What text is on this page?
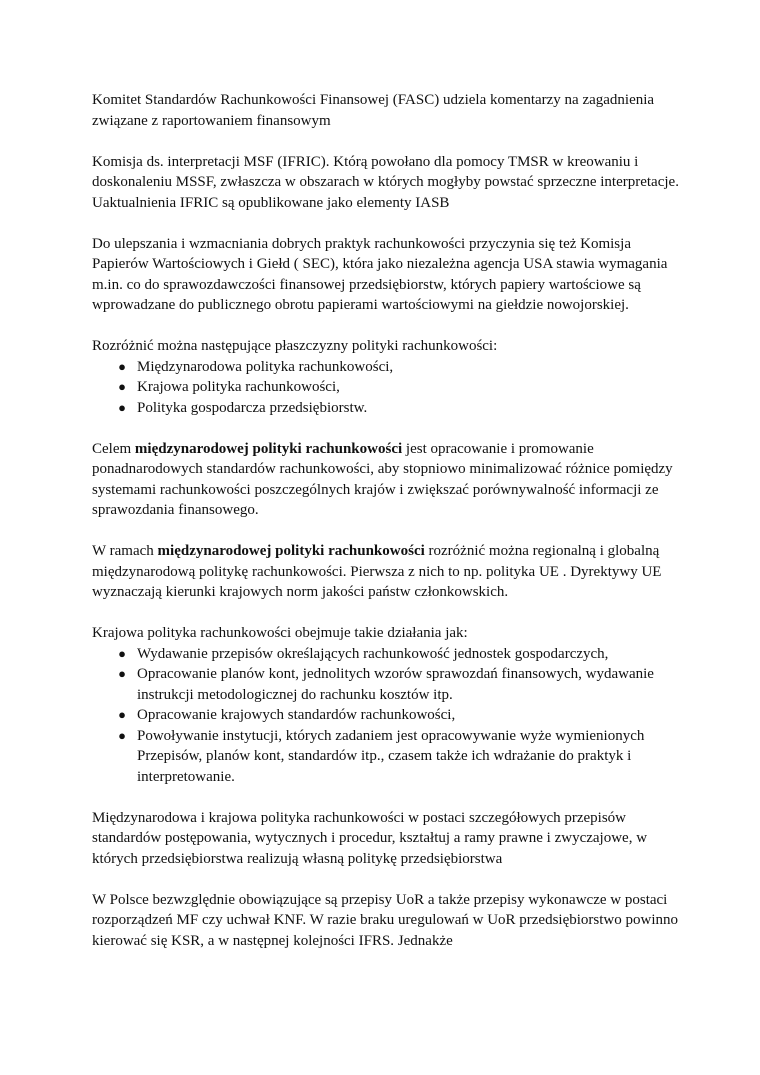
Komitet Standardów Rachunkowości Finansowej (FASC) udziela komentarzy na zagadnienia związane z raportowaniem finansowym

Komisja ds. interpretacji MSF (IFRIC). Którą powołano dla pomocy TMSR w kreowaniu i doskonaleniu MSSF, zwłaszcza w obszarach w których mogłyby powstać sprzeczne interpretacje. Uaktualnienia IFRIC są opublikowane jako elementy IASB

Do ulepszania i wzmacniania dobrych praktyk rachunkowości przyczynia się też Komisja Papierów Wartościowych i Giełd ( SEC), która jako niezależna agencja USA stawia wymagania m.in. co do sprawozdawczości finansowej przedsiębiorstw, których papiery wartościowe są wprowadzane do publicznego obrotu papierami wartościowymi na giełdzie nowojorskiej.

Rozróżnić można następujące płaszczyzny polityki rachunkowości:
● Międzynarodowa polityka rachunkowości,
● Krajowa polityka rachunkowości,
● Polityka gospodarcza przedsiębiorstw.

Celem międzynarodowej polityki rachunkowości jest opracowanie i promowanie ponadnarodowych standardów rachunkowości, aby stopniowo minimalizować różnice pomiędzy systemami rachunkowości poszczególnych krajów i zwiększać porównywalność informacji ze sprawozdania finansowego.

W ramach międzynarodowej polityki rachunkowości rozróżnić można regionalną i globalną międzynarodową politykę rachunkowości. Pierwsza z nich to np. polityka UE . Dyrektywy UE wyznaczają kierunki krajowych norm jakości państw członkowskich.

Krajowa polityka rachunkowości obejmuje takie działania jak:
● Wydawanie przepisów określających rachunkowość jednostek gospodarczych,
● Opracowanie planów kont, jednolitych wzorów sprawozdań finansowych, wydawanie instrukcji metodologicznej do rachunku kosztów itp.
● Opracowanie krajowych standardów rachunkowości,
● Powoływanie instytucji, których zadaniem jest opracowywanie wyże wymienionych Przepisów, planów kont, standardów itp., czasem także ich wdrażanie do praktyk i interpretowanie.

Międzynarodowa i krajowa polityka rachunkowości w postaci szczegółowych przepisów standardów postępowania, wytycznych i procedur, kształtuj a ramy prawne i zwyczajowe, w których przedsiębiorstwa realizują własną politykę przedsiębiorstwa

W Polsce bezwzględnie obowiązujące są przepisy UoR a także przepisy wykonawcze w postaci rozporządzeń MF czy uchwał KNF. W razie braku uregulowań w UoR przedsiębiorstwo powinno kierować się KSR, a w następnej kolejności IFRS. Jednakże
